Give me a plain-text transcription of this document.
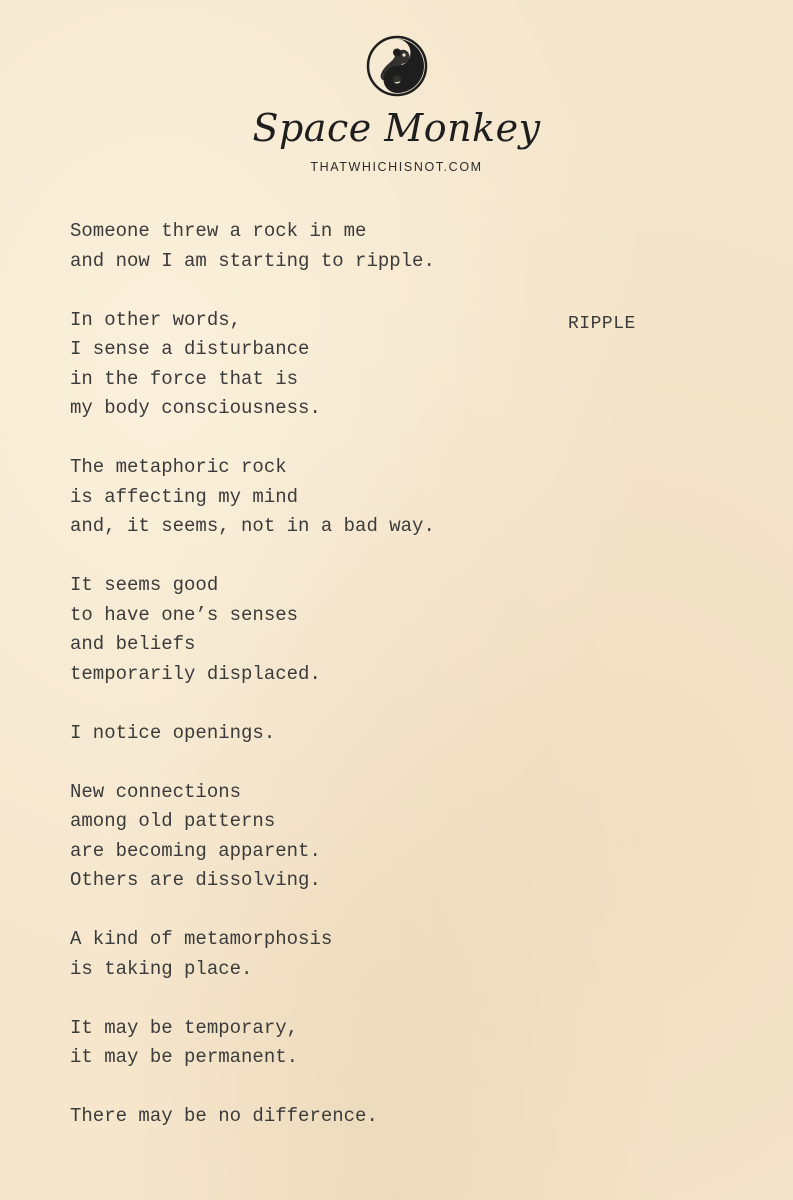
Space Monkey
THATWHICHISNOT.COM
RIPPLE
Someone threw a rock in me
and now I am starting to ripple.
In other words,
I sense a disturbance
in the force that is
my body consciousness.
The metaphoric rock
is affecting my mind
and, it seems, not in a bad way.
It seems good
to have one’s senses
and beliefs
temporarily displaced.
I notice openings.
New connections
among old patterns
are becoming apparent.
Others are dissolving.
A kind of metamorphosis
is taking place.
It may be temporary,
it may be permanent.
There may be no difference.
